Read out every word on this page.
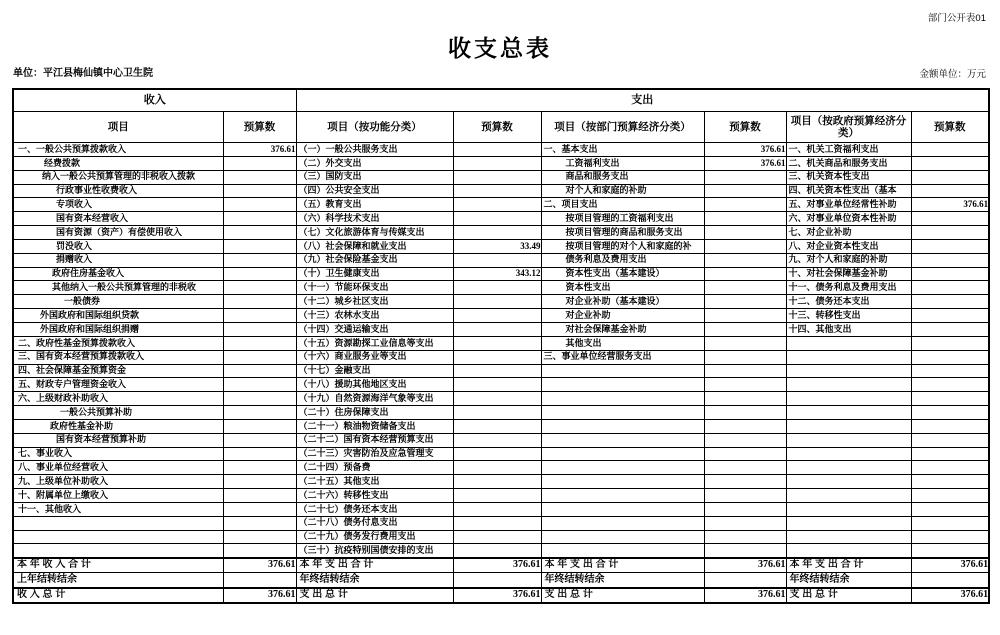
部门公开表01
收支总表
单位：平江县梅仙镇中心卫生院	金额单位：万元
收入		支出					
项目	预算数	项目（按功能分类）	预算数	项目（按部门预算经济分类）	预算数	项目（按政府预算经济分类）	预算数
一、一般公共预算拨款收入	376.61	（一）一般公共服务支出		一、基本支出	376.61	一、机关工资福利支出	
经费拨款		（二）外交支出		工资福利支出	376.61	二、机关商品和服务支出	
纳入一般公共预算管理的非税收入拨款		（三）国防支出		商品和服务支出		三、机关资本性支出	
行政事业性收费收入		（四）公共安全支出		对个人和家庭的补助		四、机关资本性支出（基本	
专项收入		（五）教育支出		二、项目支出		五、对事业单位经常性补助	376.61
国有资本经营收入		（六）科学技术支出		按项目管理的工资福利支出		六、对事业单位资本性补助	
国有资源（资产）有偿使用收入		（七）文化旅游体育与传媒支出		按项目管理的商品和服务支出		七、对企业补助	
罚没收入		（八）社会保障和就业支出	33.49	按项目管理的对个人和家庭的补		八、对企业资本性支出	
捐赠收入		（九）社会保险基金支出		债务利息及费用支出		九、对个人和家庭的补助	
政府住房基金收入		（十）卫生健康支出	343.12	资本性支出（基本建设）		十、对社会保障基金补助	
其他纳入一般公共预算管理的非税收		（十一）节能环保支出		资本性支出		十一、债务利息及费用支出	
一般债券		（十二）城乡社区支出		对企业补助（基本建设）		十二、债务还本支出	
外国政府和国际组织贷款		（十三）农林水支出		对企业补助		十三、转移性支出	
外国政府和国际组织捐赠		（十四）交通运输支出		对社会保障基金补助		十四、其他支出	
二、政府性基金预算拨款收入		（十五）资源勘探工业信息等支出		其他支出			
三、国有资本经营预算拨款收入		（十六）商业服务业等支出		三、事业单位经营服务支出			
四、社会保障基金预算资金		（十七）金融支出					
五、财政专户管理资金收入		（十八）援助其他地区支出					
六、上级财政补助收入		（十九）自然资源海洋气象等支出					
一般公共预算补助		（二十）住房保障支出					
政府性基金补助		（二十一）粮油物资储备支出					
国有资本经营预算补助		（二十二）国有资本经营预算支出					
七、事业收入		（二十三）灾害防治及应急管理支					
八、事业单位经营收入		（二十四）预备费					
九、上级单位补助收入		（二十五）其他支出					
十、附属单位上缴收入		（二十六）转移性支出					
十一、其他收入		（二十七）债务还本支出					
		（二十八）债务付息支出					
		（二十九）债务发行费用支出					
		（三十）抗疫特别国债安排的支出					
本 年 收 入 合 计	376.61	本 年 支 出 合 计	376.61	本 年 支 出 合 计	376.61	本 年 支 出 合 计	376.61
上年结转结余		年终结转结余		年终结转结余		年终结转结余	
收 入 总 计	376.61	支 出 总 计	376.61	支 出 总 计	376.61	支 出 总 计	376.61
